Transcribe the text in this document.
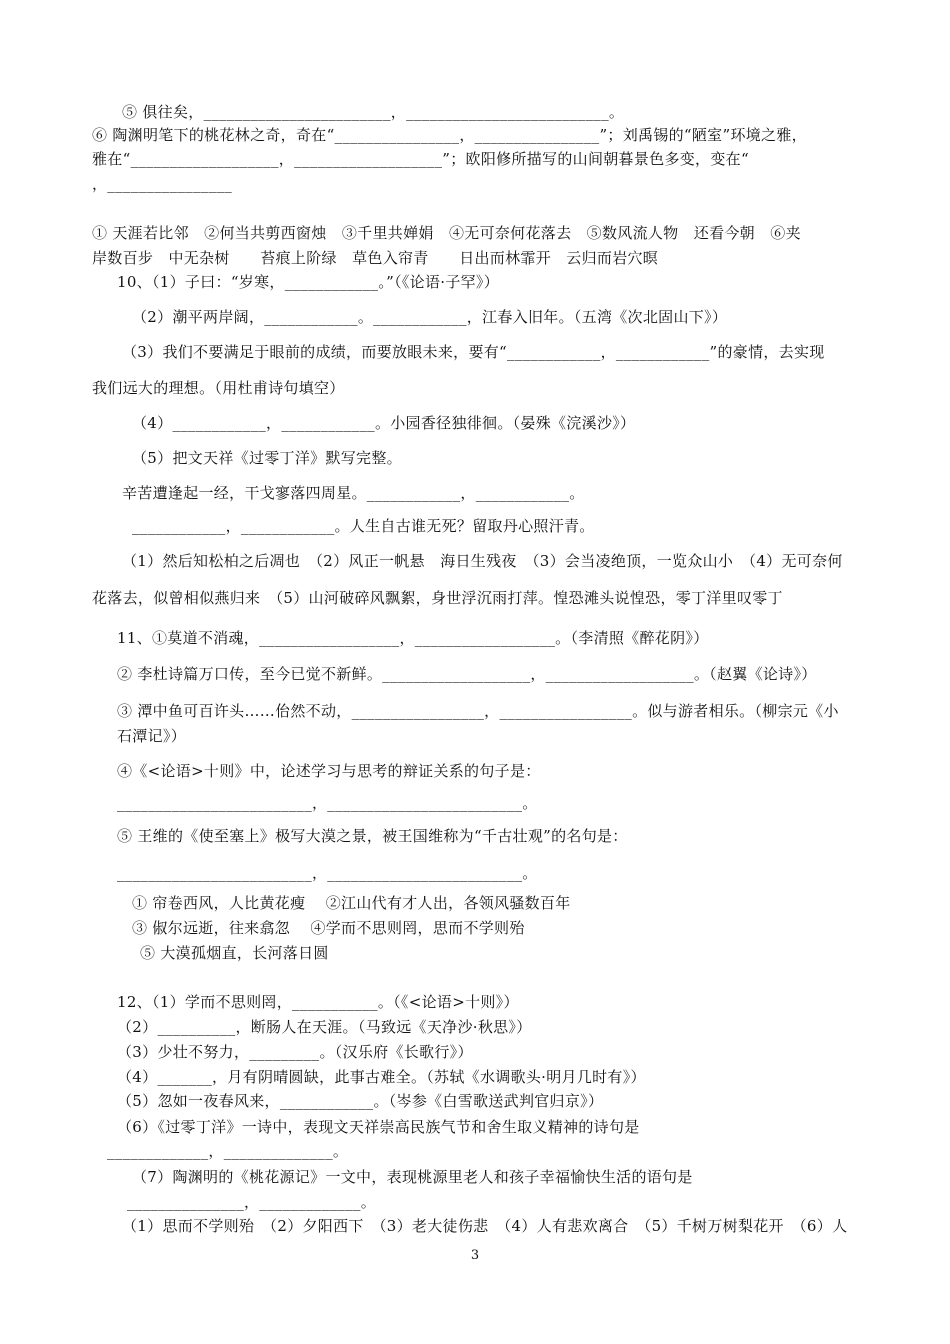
⑤ 俱往矣，________________________，__________________________。
⑥ 陶渊明笔下的桃花林之奇，奇在“________________，________________”；刘禹锡的“陋室”环境之雅，
雅在“___________________，___________________”；欧阳修所描写的山间朝暮景色多变，变在“
，________________
① 天涯若比邻　②何当共剪西窗烛　③千里共婵娟　④无可奈何花落去　⑤数风流人物　还看今朝　⑥夹
岸数百步　中无杂树　　苔痕上阶绿　草色入帘青　　日出而林霏开　云归而岩穴暝
10、（1）子曰：“岁寒，____________。”（《论语·子罕》）
（2）潮平两岸阔，____________。____________，江春入旧年。（五湾《次北固山下》）
（3）我们不要满足于眼前的成绩，而要放眼未来，要有“____________，____________”的豪情，去实现
我们远大的理想。（用杜甫诗句填空）
（4）____________，____________。小园香径独徘徊。（晏殊《浣溪沙》）
（5）把文天祥《过零丁洋》默写完整。
辛苦遭逢起一经，干戈寥落四周星。____________，____________。
____________，____________。人生自古谁无死？留取丹心照汗青。
（1）然后知松柏之后凋也　（2）风正一帆悬　海日生残夜　（3）会当凌绝顶，一览众山小　（4）无可奈何
花落去，似曾相似燕归来　（5）山河破碎风飘絮，身世浮沉雨打萍。惶恐滩头说惶恐，零丁洋里叹零丁
11、①莫道不消魂，__________________，__________________。（李清照《醉花阴》）
② 李杜诗篇万口传，至今已觉不新鲜。___________________，___________________。（赵翼《论诗》）
③ 潭中鱼可百许头……佁然不动，_________________，_________________。似与游者相乐。（柳宗元《小
石潭记》）
④《<论语>十则》中，论述学习与思考的辩证关系的句子是：
_________________________，_________________________。
⑤ 王维的《使至塞上》极写大漠之景，被王国维称为“千古壮观”的名句是：
_________________________，_________________________。
① 帘卷西风，人比黄花瘦　 ②江山代有才人出，各领风骚数百年
③ 俶尔远逝，往来翕忽　 ④学而不思则罔，思而不学则殆
⑤ 大漠孤烟直，长河落日圆
12、（1）学而不思则罔，___________。（《<论语>十则》）
（2）__________，断肠人在天涯。（马致远《天净沙·秋思》）
（3）少壮不努力，_________。（汉乐府《长歌行》）
（4）_______，月有阴晴圆缺，此事古难全。（苏轼《水调歌头·明月几时有》）
（5）忽如一夜春风来，____________。（岑参《白雪歌送武判官归京》）
（6）《过零丁洋》一诗中，表现文天祥崇高民族气节和舍生取义精神的诗句是
_____________，______________。
（7）陶渊明的《桃花源记》一文中，表现桃源里老人和孩子幸福愉快生活的语句是
_______________，_____________。
（1）思而不学则殆　（2）夕阳西下　（3）老大徒伤悲　（4）人有悲欢离合　（5）千树万树梨花开　（6）人
3
